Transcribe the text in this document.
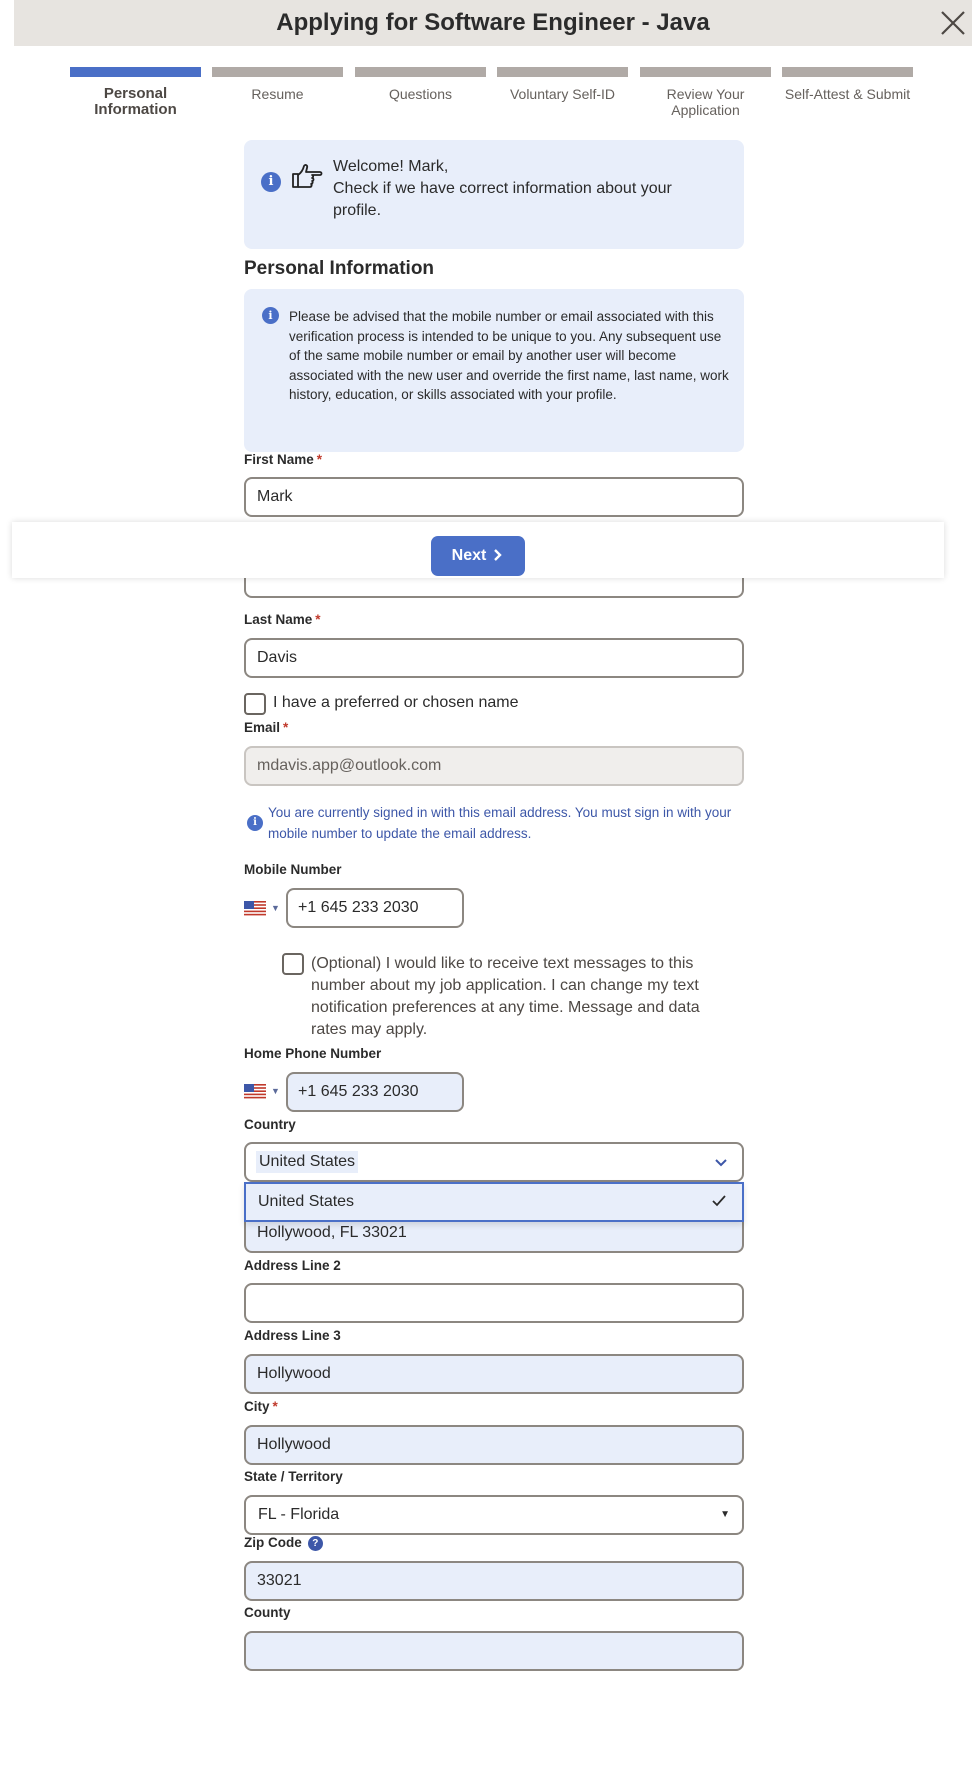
Applying for Software Engineer - Java
Personal Information
Resume	Questions	Voluntary Self-ID	Review Your Application
Self-Attest & Submit
i
Welcome! Mark,
Check if we have correct information about your profile.
Personal Information
i	Please be advised that the mobile number or email associated with this verification process is intended to be unique to you. Any subsequent use of the same mobile number or email by another user will become associated with the new user and override the first name, last name, work history, education, or skills associated with your profile.
First Name *
Mark
Next
Last Name *
Davis
I have a preferred or chosen name
Email *
mdavis.app@outlook.com
i
You are currently signed in with this email address. You must sign in with your mobile number to update the email address.
Mobile Number
▼	+1 645 233 2030
(Optional) I would like to receive text messages to this number about my job application. I can change my text notification preferences at any time. Message and data rates may apply.
Home Phone Number
▼	+1 645 233 2030
Country
United States
Hollywood, FL 33021
United States
Address Line 2
Address Line 3
Hollywood
City *
Hollywood
State / Territory
FL - Florida	▼
Zip Code ?
33021
County
